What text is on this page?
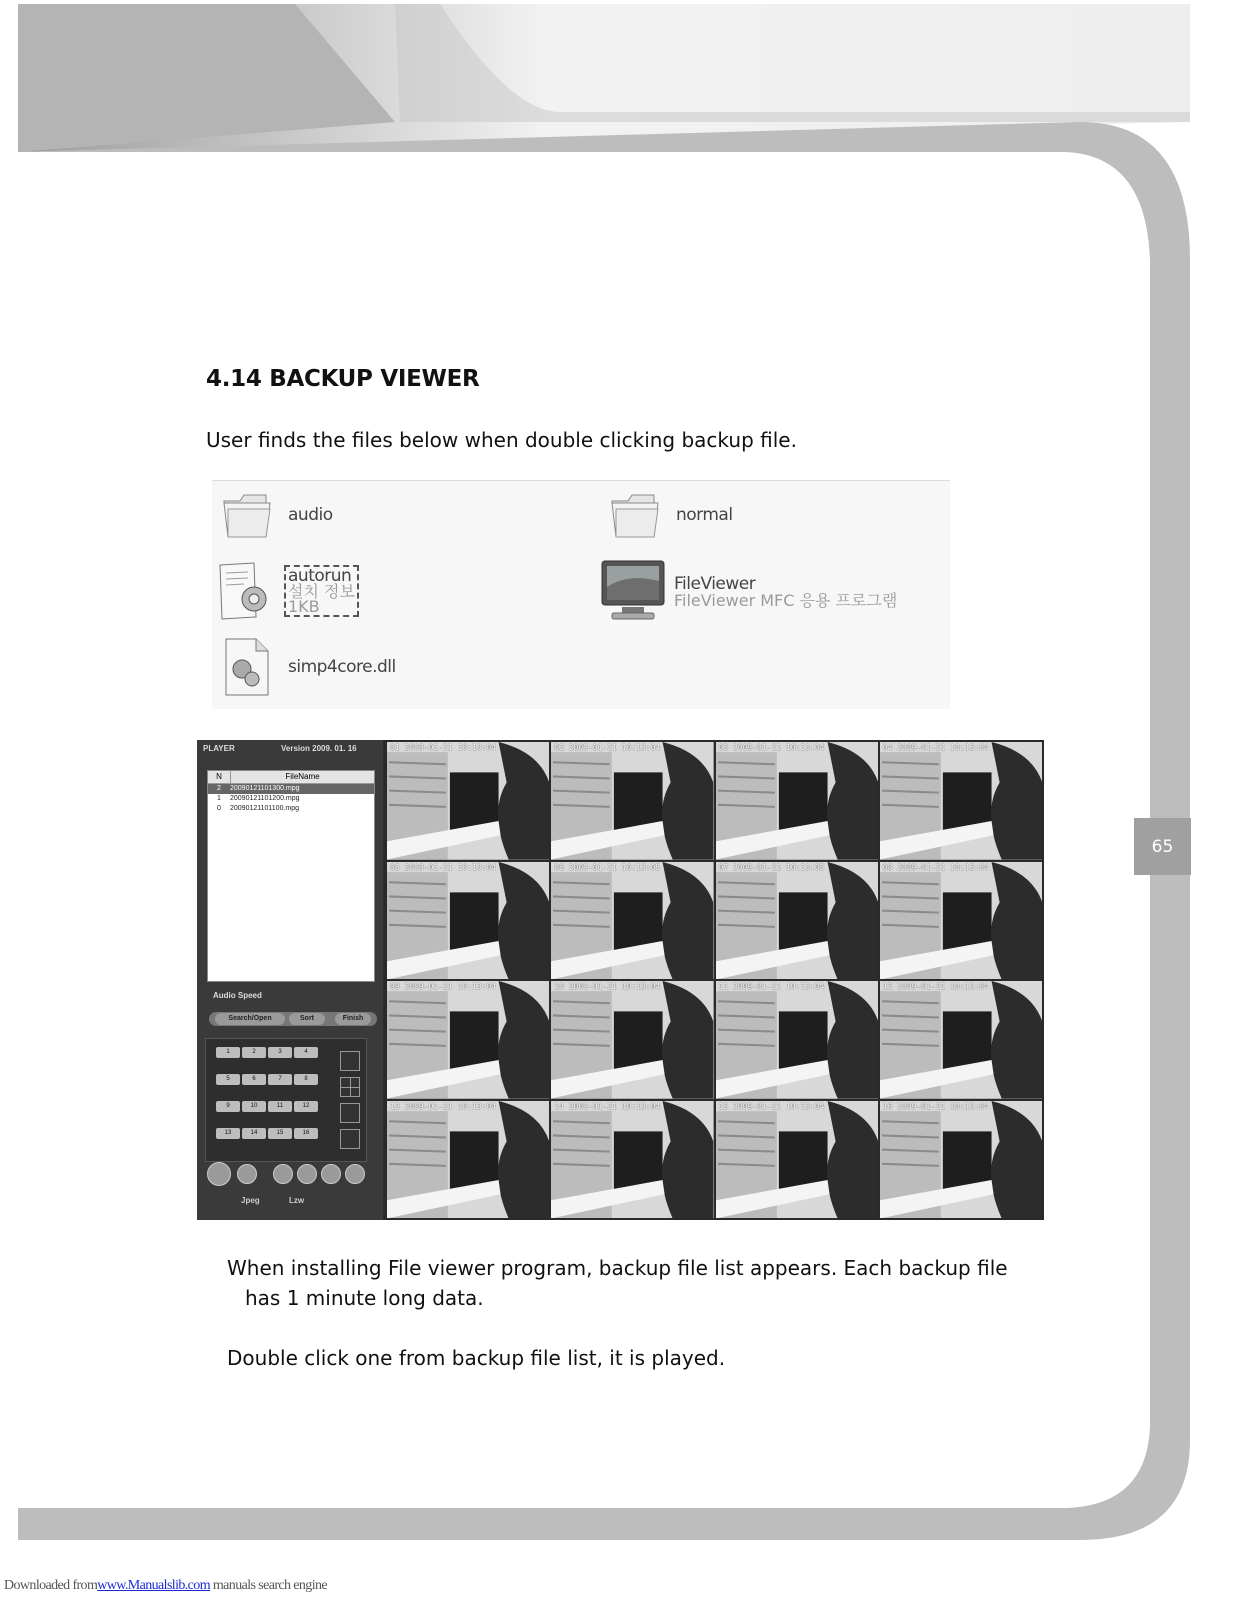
4.14 BACKUP VIEWER
User finds the files below when double clicking backup file.
audio	normal
autorun
설치 정보
1KB
FileViewer
FileViewer MFC 응용 프로그램
simp4core.dll
PLAYER	Version 2009. 01. 16
N	FileName
2	20090121101300.mpg
1	20090121101200.mpg
0	20090121101100.mpg
Audio Speed
Search/Open	Sort	Finish
1	2	3	4
5	6	7	8
9	10	11	12
13	14	15	16
Jpeg	Lzw
01 2009-01-21 10:13:04	02 2009-01-21 10:13:04	03 2009-01-21 10:13:04	04 2009-01-21 10:13:04
05 2009-01-21 10:13:04	06 2009-01-21 10:13:05	07 2009-01-21 10:13:05	08 2009-01-21 10:13:04
09 2009-01-21 10:13:04	10 2009-01-21 10:13:04	11 2009-01-21 10:13:04	12 2009-01-21 10:13:04
13 2009-01-21 10:13:04	14 2009-01-21 10:13:04	15 2009-01-21 10:13:04	16 2009-01-21 10:13:04
When installing File viewer program, backup file list appears. Each backup file
has 1 minute long data.
Double click one from backup file list, it is played.
65
Downloaded fromwww.Manualslib.com manuals search engine
